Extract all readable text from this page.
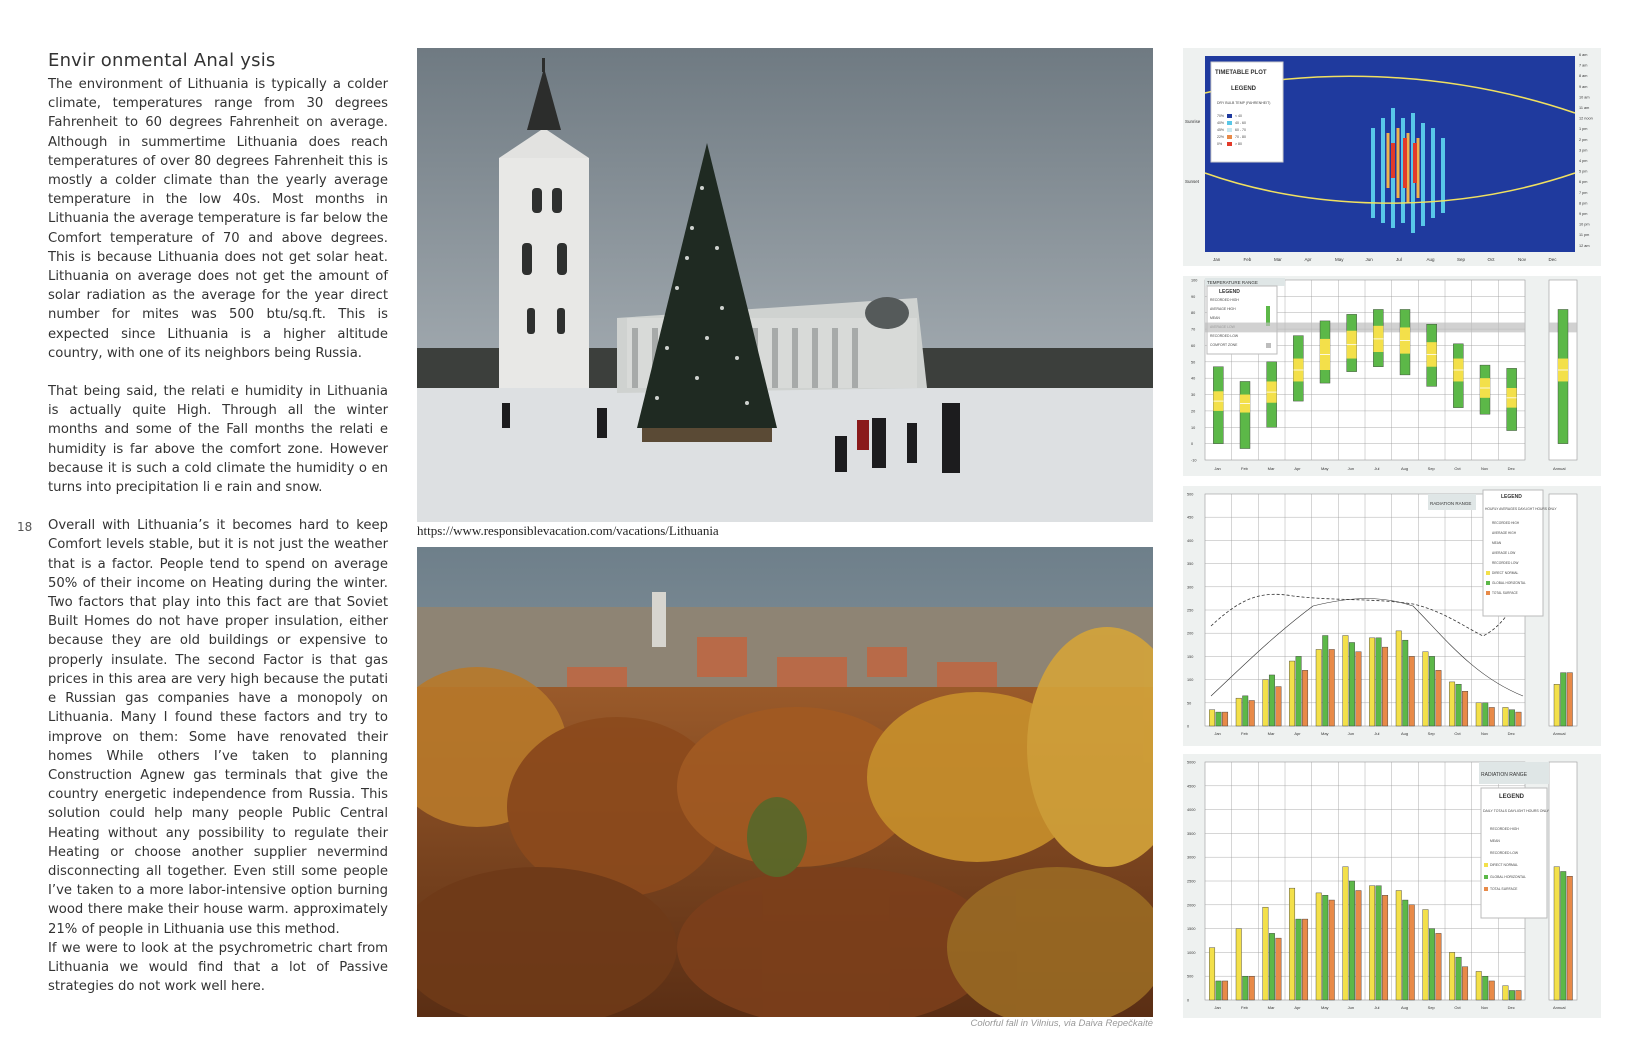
18
Envir onmental Anal ysis

The environment of Lithuania is typically a colder climate, temperatures range from 30 degrees Fahrenheit to 60 degrees Fahrenheit on average. Although in summertime Lithuania does reach temperatures of over 80 degrees Fahrenheit this is mostly a colder climate than the yearly average temperature in the low 40s. Most months in Lithuania the average temperature is far below the Comfort temperature of 70 and above degrees. This is because Lithuania does not get solar heat. Lithuania on average does not get the amount of solar radiation as the average for the year direct number for mites was 500 btu/sq.ft. This is expected since Lithuania is a higher altitude country, with one of its neighbors being Russia.

That being said, the relati e humidity in Lithuania is actually quite High. Through all the winter months and some of the Fall months the relati e humidity is far above the comfort zone. However because it is such a cold climate the humidity o en turns into precipitation li e rain and snow.

Overall with Lithuania’s it becomes hard to keep Comfort levels stable, but it is not just the weather that is a factor. People tend to spend on average 50% of their income on Heating during the winter. Two factors that play into this fact are that Soviet Built Homes do not have proper insulation, either because they are old buildings or expensive to properly insulate. The second Factor is that gas prices in this area are very high because the putati e Russian gas companies have a monopoly on Lithuania. Many I found these factors and try to improve on them: Some have renovated their homes While others I’ve taken to planning Construction Agnew gas terminals that give the country energetic independence from Russia. This solution could help many people Public Central Heating without any possibility to regulate their Heating or choose another supplier nevermind disconnecting all together. Even still some people I’ve taken to a more labor-intensive option burning wood there make their house warm. approximately 21% of people in Lithuania use this method.

If we were to look at the psychrometric chart from Lithuania we would find that a lot of Passive strategies do not work well here.

https://www.responsiblevacation.com/vacations/Lithuania
Colorful fall in Vilnius, via Daiva Repečkaitė
TIMETABLE PLOT
LEGEND
DRY BULB TEMP (FAHRENHEIT)
70%	< 40
40%	40 - 60
45%	60 - 70
22%	70 - 80
0%	> 80
Sunrise
Sunset
Jan	Feb	Mar	Apr	May	Jun	Jul	Aug	Sep	Oct	Nov	Dec
6 am
7 am
8 am
9 am
10 am
11 am
12 noon
1 pm
2 pm
3 pm
4 pm
5 pm
6 pm
7 pm
8 pm
9 pm
10 pm
11 pm
12 am
TEMPERATURE RANGE
LEGEND
RECORDED HIGH
AVERAGE HIGH
MEAN
RECORDED LOW
COMFORT ZONE
-10
0
10
20
30
40
50
60
70
80
90
100
Jan	Feb	Mar	Apr	May	Jun	Jul	Aug	Sep	Oct	Nov	Dec	Annual
RADIATION RANGE
LEGEND
HOURLY AVERAGES DAYLIGHT HOURS ONLY
RECORDED HIGH
AVERAGE HIGH
MEAN
AVERAGE LOW
RECORDED LOW
DIRECT NORMAL
GLOBAL HORIZONTAL
TOTAL SURFACE
0
50
100
150
200
250
300
350
400
450
500
Jan	Feb	Mar	Apr	May	Jun	Jul	Aug	Sep	Oct	Nov	Dec	Annual
RADIATION RANGE
LEGEND
DAILY TOTALS DAYLIGHT HOURS ONLY
RECORDED HIGH
MEAN
RECORDED LOW
DIRECT NORMAL
GLOBAL HORIZONTAL
TOTAL SURFACE
0
500
1000
1500
2000
2500
3000
3500
4000
4500
5000
Jan	Feb	Mar	Apr	May	Jun	Jul	Aug	Sep	Oct	Nov	Dec	Annual
